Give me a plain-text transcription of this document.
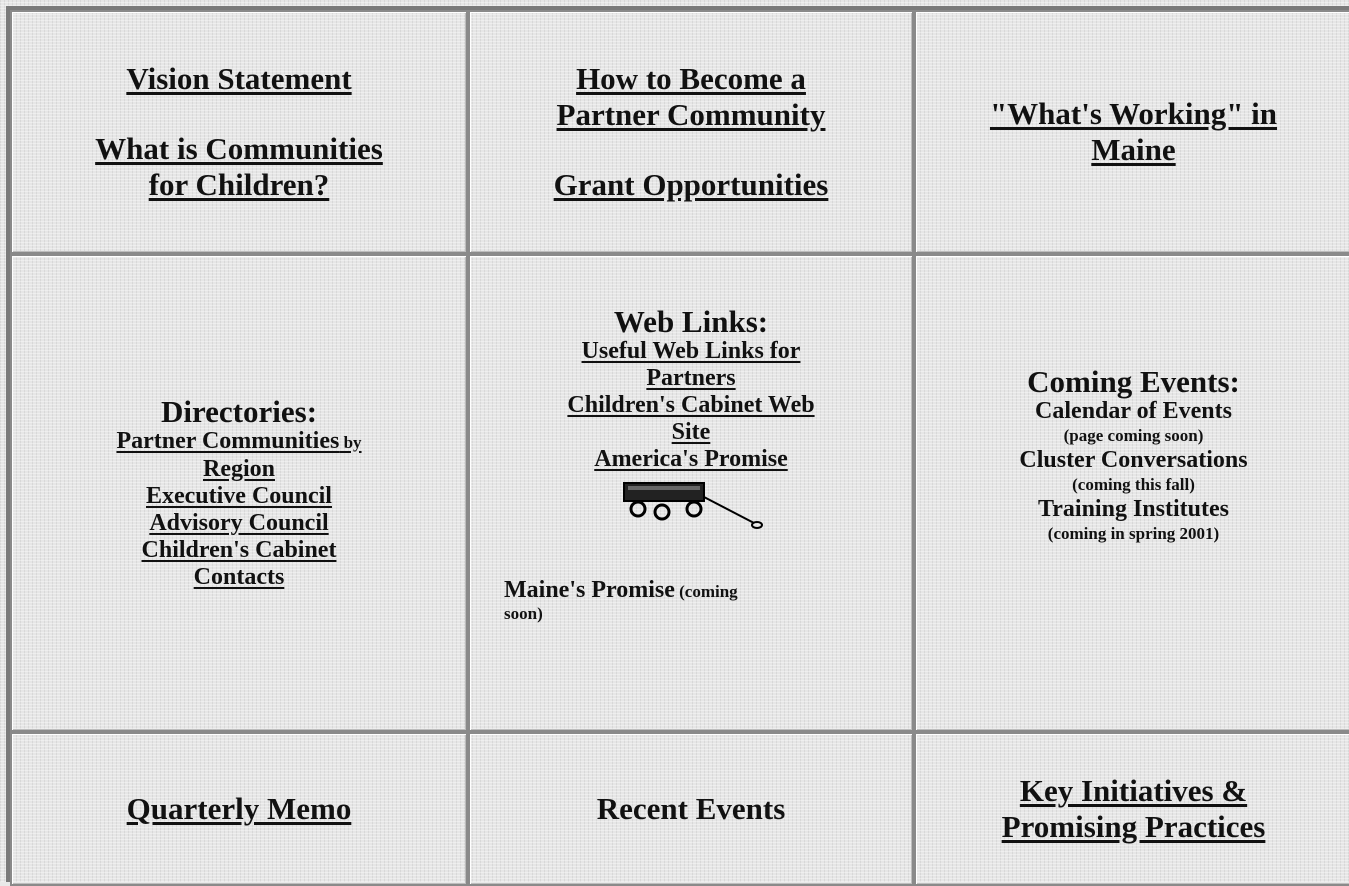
Vision Statement
What is Communities
for Children?
How to Become a
Partner Community
Grant Opportunities
"What's Working" in
Maine
Directories:
Partner Communities by
Region
Executive Council
Advisory Council
Children's Cabinet
Contacts
Web Links:
Useful Web Links for
Partners
Children's Cabinet Web
Site
America's Promise
Maine's Promise (coming
soon)
Coming Events:
Calendar of Events
(page coming soon)
Cluster Conversations
(coming this fall)
Training Institutes
(coming in spring 2001)
Quarterly Memo	Recent Events
Key Initiatives &
Promising Practices
